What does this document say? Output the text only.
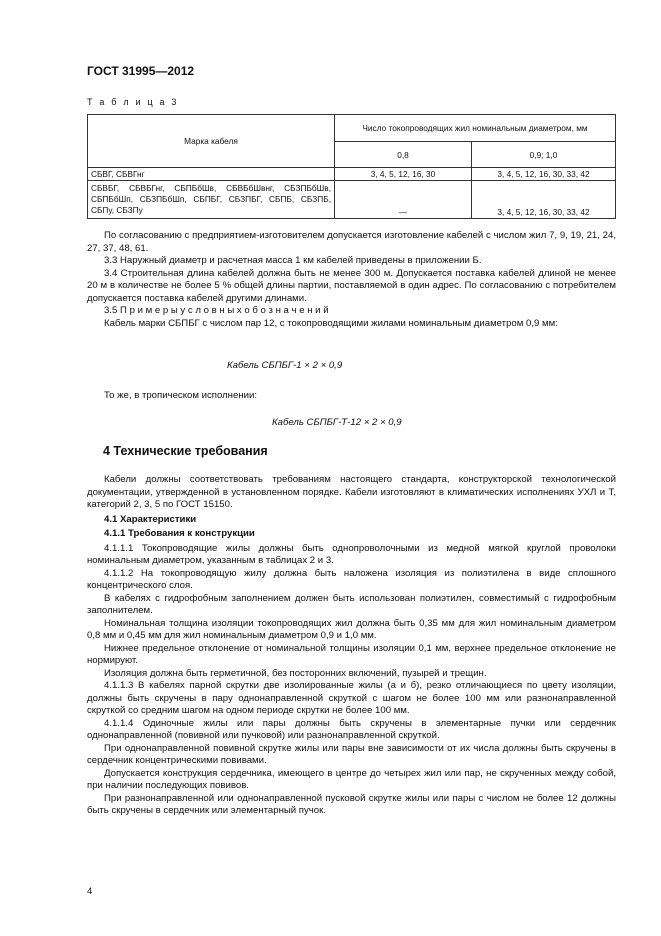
ГОСТ 31995—2012
Т а б л и ц а 3
Марка кабеля	Число токопроводящих жил номинальным диаметром, мм	
	0,8	0,9; 1,0
СБВГ, СБВГнг	3, 4, 5, 12, 16, 30	3, 4, 5, 12, 16, 30, 33, 42
СБВБГ, СБВБГнг, СБПБбШв, СБВБбШвнг, СБЗПБбШв, СБПБбШп, СБЗПБбШп, СБПБГ, СБЗПБГ, СБПБ, СБЗПБ, СБПу, СБЗПу	—	3, 4, 5, 12, 16, 30, 33, 42

По согласованию с предприятием-изготовителем допускается изготовление кабелей с числом жил 7, 9, 19, 21, 24, 27, 37, 48, 61.

3.3 Наружный диаметр и расчетная масса 1 км кабелей приведены в приложении Б.

3.4 Строительная длина кабелей должна быть не менее 300 м. Допускается поставка кабелей длиной не менее 20 м в количестве не более 5 % общей длины партии, поставляемой в один адрес. По согласованию с потребителем допускается поставка кабелей другими длинами.

3.5 П р и м е р ы у с л о в н ы х о б о з н а ч е н и й

Кабель марки СБПБГ с числом пар 12, с токопроводящими жилами номинальным диаметром 0,9 мм:

Кабель СБПБГ-1 × 2 × 0,9
То же, в тропическом исполнении:
Кабель СБПБГ-Т-12 × 2 × 0,9
4 Технические требования

Кабели должны соответствовать требованиям настоящего стандарта, конструкторской технологической документации, утвержденной в установленном порядке. Кабели изготовляют в климатических исполнениях УХЛ и Т, категорий 2, 3, 5 по ГОСТ 15150.

4.1 Характеристики

4.1.1 Требования к конструкции

4.1.1.1 Токопроводящие жилы должны быть однопроволочными из медной мягкой круглой проволоки номинальным диаметром, указанным в таблицах 2 и 3.

4.1.1.2 На токопроводящую жилу должна быть наложена изоляция из полиэтилена в виде сплошного концентрического слоя.

В кабелях с гидрофобным заполнением должен быть использован полиэтилен, совместимый с гидрофобным заполнителем.

Номинальная толщина изоляции токопроводящих жил должна быть 0,35 мм для жил номинальным диаметром 0,8 мм и 0,45 мм для жил номинальным диаметром 0,9 и 1,0 мм.

Нижнее предельное отклонение от номинальной толщины изоляции 0,1 мм, верхнее предельное отклонение не нормируют.

Изоляция должна быть герметичной, без посторонних включений, пузырей и трещин.

4.1.1.3 В кабелях парной скрутки две изолированные жилы (а и б), резко отличающиеся по цвету изоляции, должны быть скручены в пару однонаправленной скруткой с шагом не более 100 мм или разнонаправленной скруткой со средним шагом на одном периоде скрутки не более 100 мм.

4.1.1.4 Одиночные жилы или пары должны быть скручены в элементарные пучки или сердечник однонаправленной (повивной или пучковой) или разнонаправленной скруткой.

При однонаправленной повивной скрутке жилы или пары вне зависимости от их числа должны быть скручены в сердечник концентрическими повивами.

Допускается конструкция сердечника, имеющего в центре до четырех жил или пар, не скрученных между собой, при наличии последующих повивов.

При разнонаправленной или однонаправленной пусковой скрутке жилы или пары с числом не более 12 должны быть скручены в сердечник или элементарный пучок.

4
